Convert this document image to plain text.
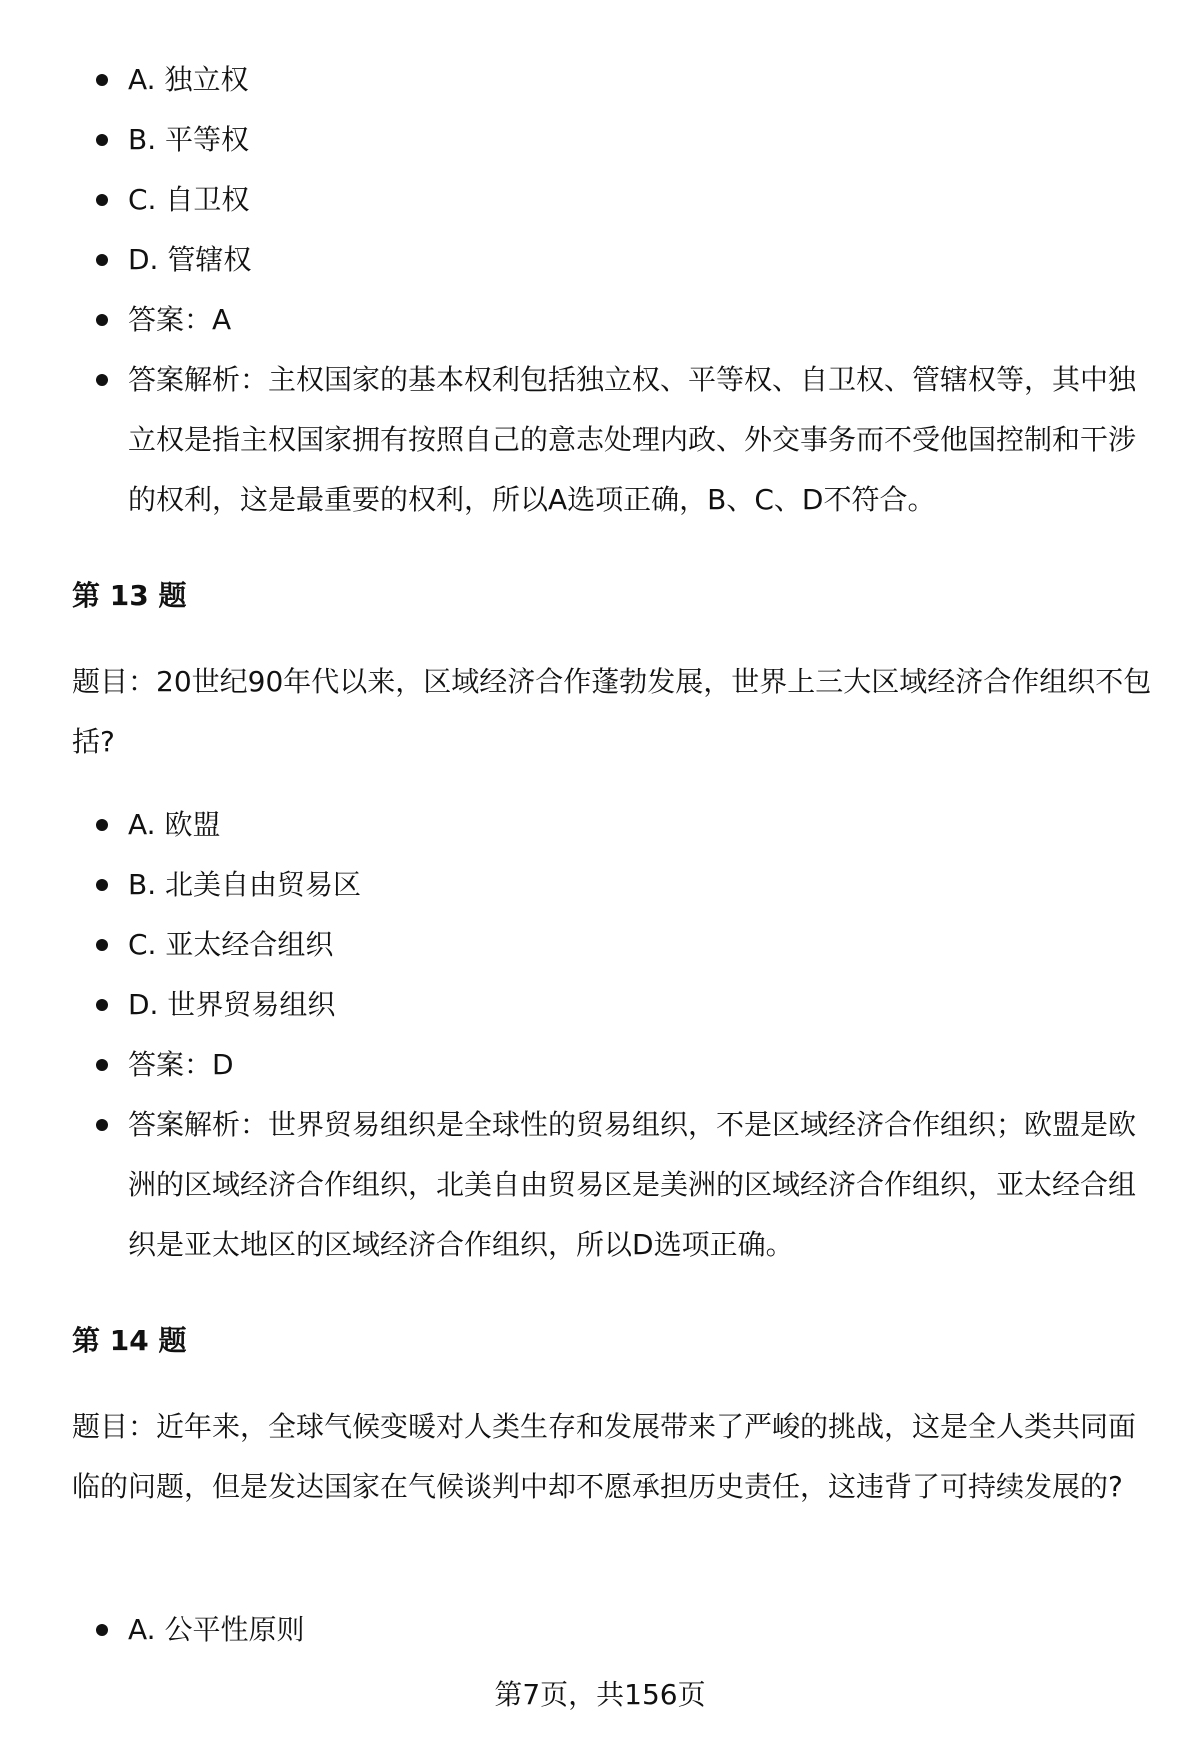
A. 独立权
B. 平等权
C. 自卫权
D. 管辖权
答案：A
答案解析：主权国家的基本权利包括独立权、平等权、自卫权、管辖权等，其中独立权是指主权国家拥有按照自己的意志处理内政、外交事务而不受他国控制和干涉的权利，这是最重要的权利，所以A选项正确，B、C、D不符合。
第 13 题
题目：20世纪90年代以来，区域经济合作蓬勃发展，世界上三大区域经济合作组织不包括?
A. 欧盟
B. 北美自由贸易区
C. 亚太经合组织
D. 世界贸易组织
答案：D
答案解析：世界贸易组织是全球性的贸易组织，不是区域经济合作组织；欧盟是欧洲的区域经济合作组织，北美自由贸易区是美洲的区域经济合作组织，亚太经合组织是亚太地区的区域经济合作组织，所以D选项正确。
第 14 题
题目：近年来，全球气候变暖对人类生存和发展带来了严峻的挑战，这是全人类共同面临的问题，但是发达国家在气候谈判中却不愿承担历史责任，这违背了可持续发展的?
A. 公平性原则
第7页，共156页
